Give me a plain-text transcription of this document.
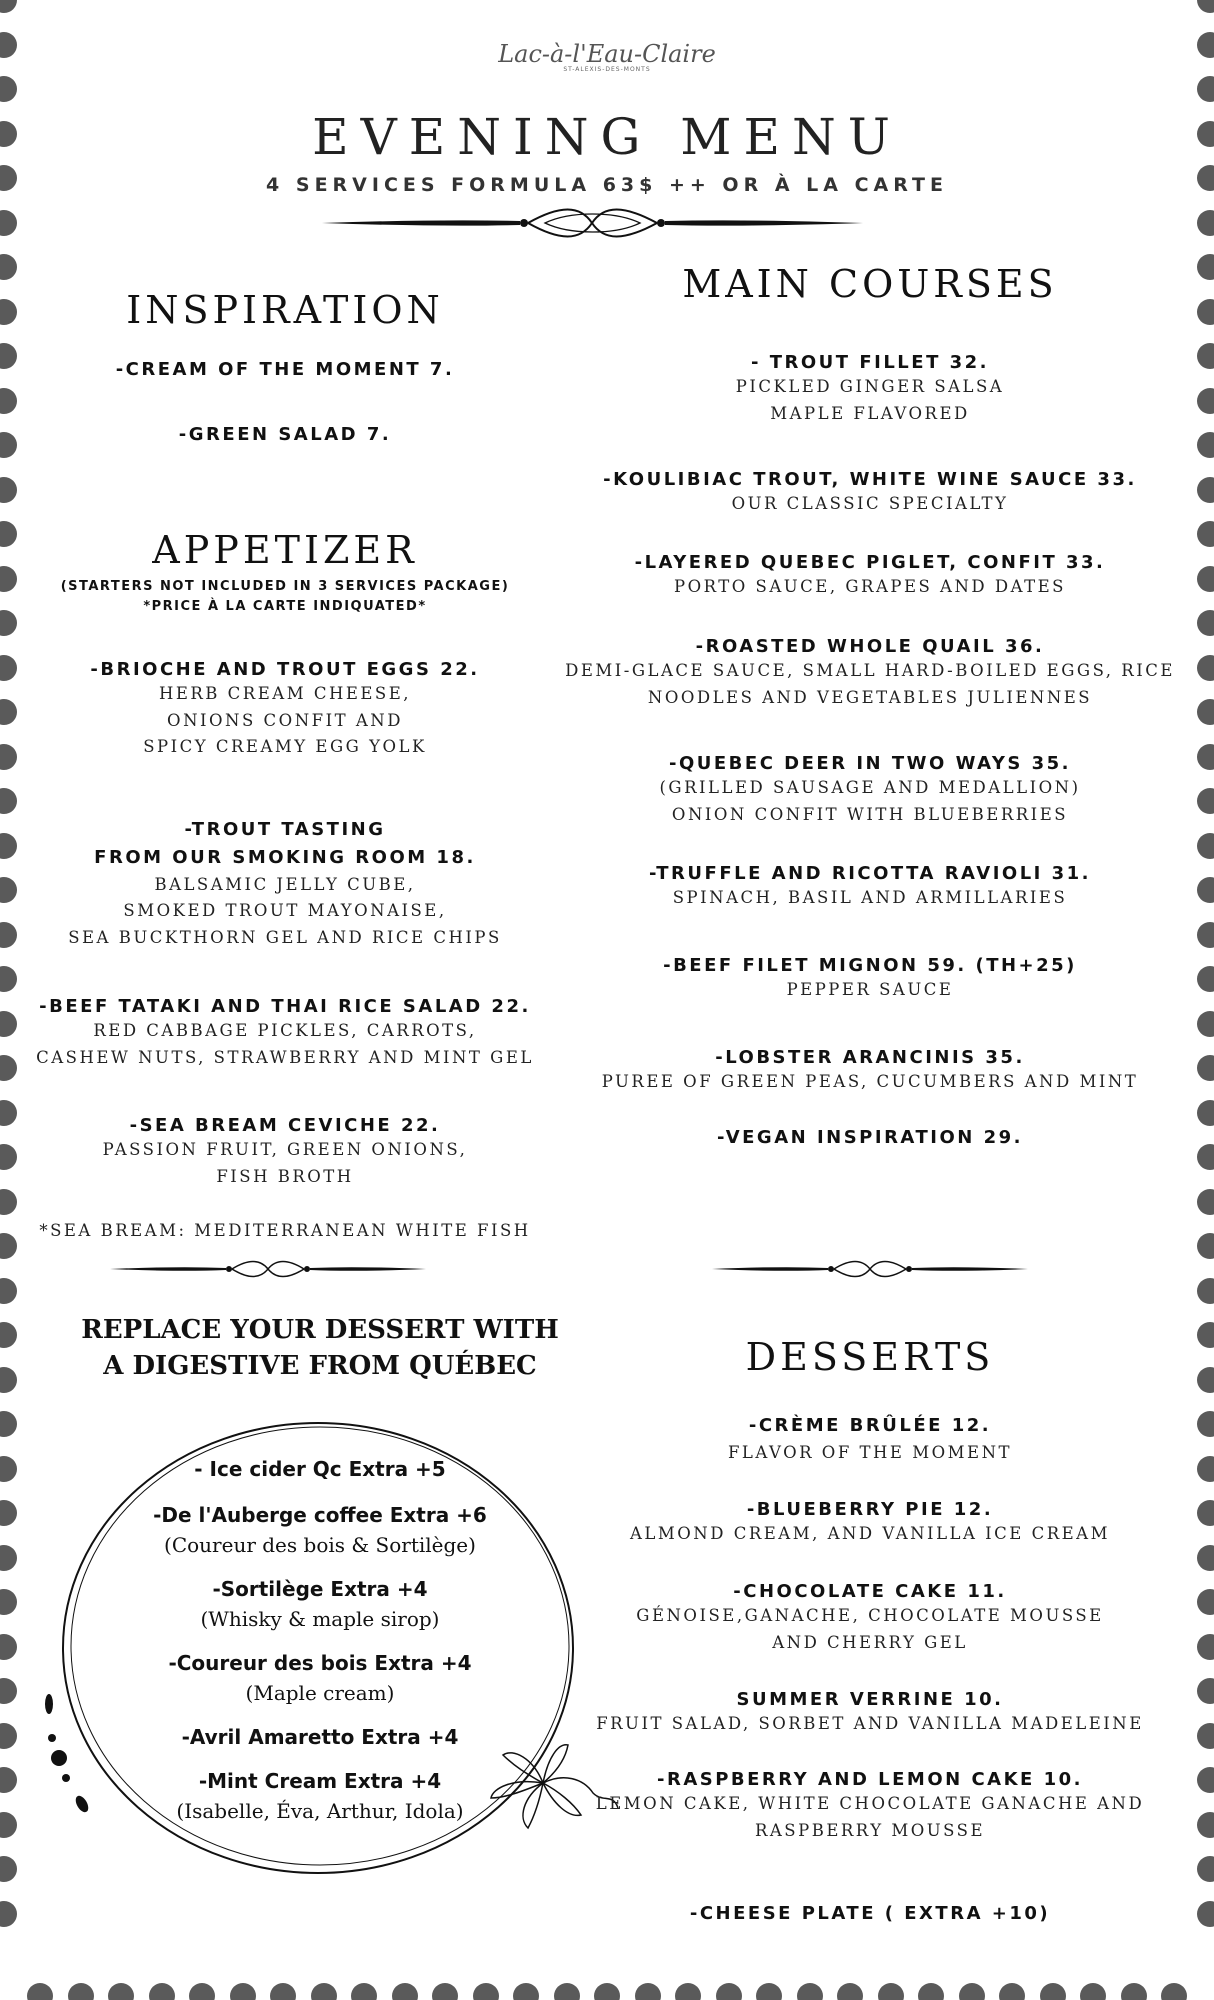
Lac-à-l'Eau-Claire
ST-ALEXIS-DES-MONTS
EVENING MENU
4 SERVICES FORMULA 63$ ++ OR À LA CARTE
INSPIRATION
-CREAM OF THE MOMENT 7.
-GREEN SALAD 7.
APPETIZER
(STARTERS NOT INCLUDED IN 3 SERVICES PACKAGE)
*PRICE À LA CARTE INDIQUATED*
-BRIOCHE AND TROUT EGGS 22.
HERB CREAM CHEESE,
ONIONS CONFIT AND
SPICY CREAMY EGG YOLK
-TROUT TASTING
FROM OUR SMOKING ROOM 18.
BALSAMIC JELLY CUBE,
SMOKED TROUT MAYONAISE,
SEA BUCKTHORN GEL AND RICE CHIPS
-BEEF TATAKI AND THAI RICE SALAD 22.
RED CABBAGE PICKLES, CARROTS,
CASHEW NUTS, STRAWBERRY AND MINT GEL
-SEA BREAM CEVICHE 22.
PASSION FRUIT, GREEN ONIONS,
FISH BROTH
*SEA BREAM: MEDITERRANEAN WHITE FISH
MAIN COURSES
- TROUT FILLET 32.
PICKLED GINGER SALSA
MAPLE FLAVORED
-KOULIBIAC TROUT, WHITE WINE SAUCE 33.
OUR CLASSIC SPECIALTY
-LAYERED QUEBEC PIGLET, CONFIT 33.
PORTO SAUCE, GRAPES AND DATES
-ROASTED WHOLE QUAIL 36.
DEMI-GLACE SAUCE, SMALL HARD-BOILED EGGS, RICE
NOODLES AND VEGETABLES JULIENNES
-QUEBEC DEER IN TWO WAYS 35.
(GRILLED SAUSAGE AND MEDALLION)
ONION CONFIT WITH BLUEBERRIES
-TRUFFLE AND RICOTTA RAVIOLI 31.
SPINACH, BASIL AND ARMILLARIES
-BEEF FILET MIGNON 59. (TH+25)
PEPPER SAUCE
-LOBSTER ARANCINIS 35.
PUREE OF GREEN PEAS, CUCUMBERS AND MINT
-VEGAN INSPIRATION 29.
REPLACE YOUR DESSERT WITH
A DIGESTIVE FROM QUÉBEC
- Ice cider Qc Extra +5
-De l'Auberge coffee Extra +6
(Coureur des bois & Sortilège)
-Sortilège Extra +4
(Whisky & maple sirop)
-Coureur des bois Extra +4
(Maple cream)
-Avril Amaretto Extra +4
-Mint Cream Extra +4
(Isabelle, Éva, Arthur, Idola)
DESSERTS
-CRÈME BRÛLÉE 12.
FLAVOR OF THE MOMENT
-BLUEBERRY PIE 12.
ALMOND CREAM, AND VANILLA ICE CREAM
-CHOCOLATE CAKE 11.
GÉNOISE,GANACHE, CHOCOLATE MOUSSE
AND CHERRY GEL
SUMMER VERRINE 10.
FRUIT SALAD, SORBET AND VANILLA MADELEINE
-RASPBERRY AND LEMON CAKE 10.
LEMON CAKE, WHITE CHOCOLATE GANACHE AND
RASPBERRY MOUSSE
-CHEESE PLATE ( EXTRA +10)
